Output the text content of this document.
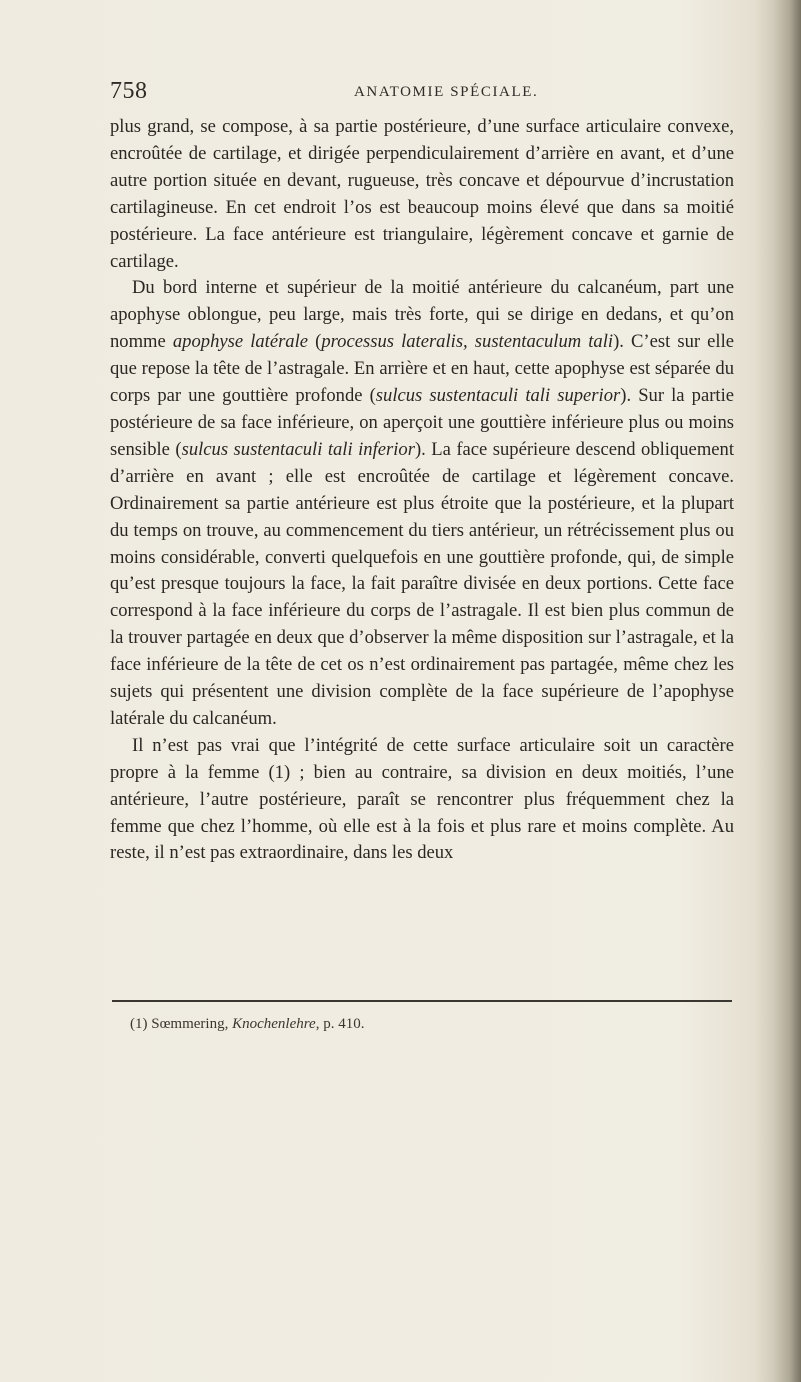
758	ANATOMIE SPÉCIALE.

plus grand, se compose, à sa partie postérieure, d’une surface articulaire convexe, encroûtée de cartilage, et dirigée perpendiculairement d’arrière en avant, et d’une autre portion située en devant, rugueuse, très concave et dépourvue d’incrustation cartilagineuse. En cet endroit l’os est beaucoup moins élevé que dans sa moitié postérieure. La face antérieure est triangulaire, légèrement concave et garnie de cartilage.

Du bord interne et supérieur de la moitié antérieure du calcanéum, part une apophyse oblongue, peu large, mais très forte, qui se dirige en dedans, et qu’on nomme apophyse latérale (processus lateralis, sustentaculum tali). C’est sur elle que repose la tête de l’astragale. En arrière et en haut, cette apophyse est séparée du corps par une gouttière profonde (sulcus sustentaculi tali superior). Sur la partie postérieure de sa face inférieure, on aperçoit une gouttière inférieure plus ou moins sensible (sulcus sustentaculi tali inferior). La face supérieure descend obliquement d’arrière en avant ; elle est encroûtée de cartilage et légèrement concave. Ordinairement sa partie antérieure est plus étroite que la postérieure, et la plupart du temps on trouve, au commencement du tiers antérieur, un rétrécissement plus ou moins considérable, converti quelquefois en une gouttière profonde, qui, de simple qu’est presque toujours la face, la fait paraître divisée en deux portions. Cette face correspond à la face inférieure du corps de l’astragale. Il est bien plus commun de la trouver partagée en deux que d’observer la même disposition sur l’astragale, et la face inférieure de la tête de cet os n’est ordinairement pas partagée, même chez les sujets qui présentent une division complète de la face supérieure de l’apophyse latérale du calcanéum.

Il n’est pas vrai que l’intégrité de cette surface articulaire soit un caractère propre à la femme (1) ; bien au contraire, sa division en deux moitiés, l’une antérieure, l’autre postérieure, paraît se rencontrer plus fréquemment chez la femme que chez l’homme, où elle est à la fois et plus rare et moins complète. Au reste, il n’est pas extraordinaire, dans les deux

(1) Sœmmering, Knochenlehre, p. 410.
